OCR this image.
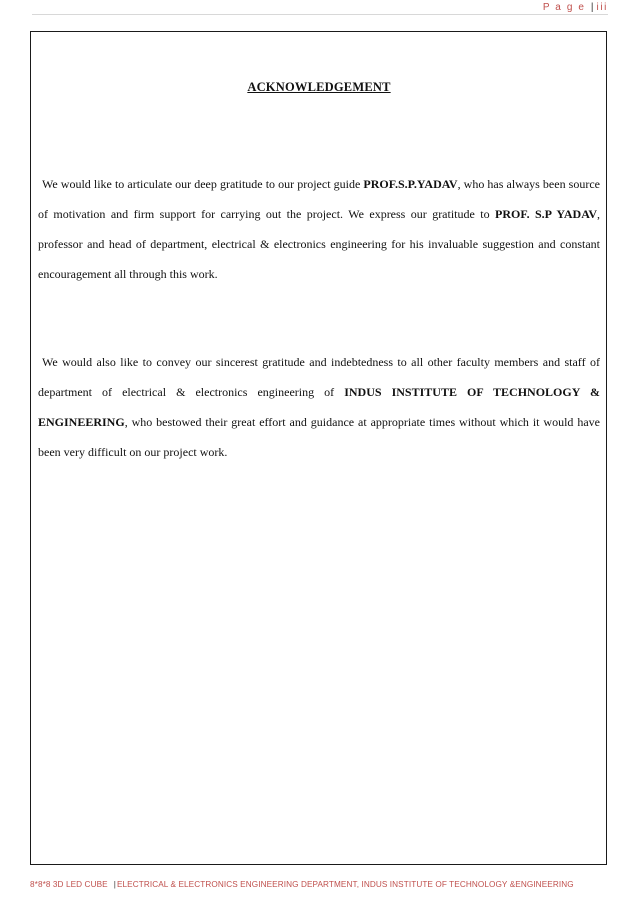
P a g e | iii
ACKNOWLEDGEMENT

We would like to articulate our deep gratitude to our project guide PROF.S.P.YADAV, who has always been source of motivation and firm support for carrying out the project. We express our gratitude to PROF. S.P YADAV, professor and head of department, electrical & electronics engineering for his invaluable suggestion and constant encouragement all through this work.

We would also like to convey our sincerest gratitude and indebtedness to all other faculty members and staff of department of electrical & electronics engineering of INDUS INSTITUTE OF TECHNOLOGY & ENGINEERING, who bestowed their great effort and guidance at appropriate times without which it would have been very difficult on our project work.

8*8*8 3D LED CUBE |ELECTRICAL & ELECTRONICS ENGINEERING DEPARTMENT, INDUS INSTITUTE OF TECHNOLOGY &ENGINEERING
